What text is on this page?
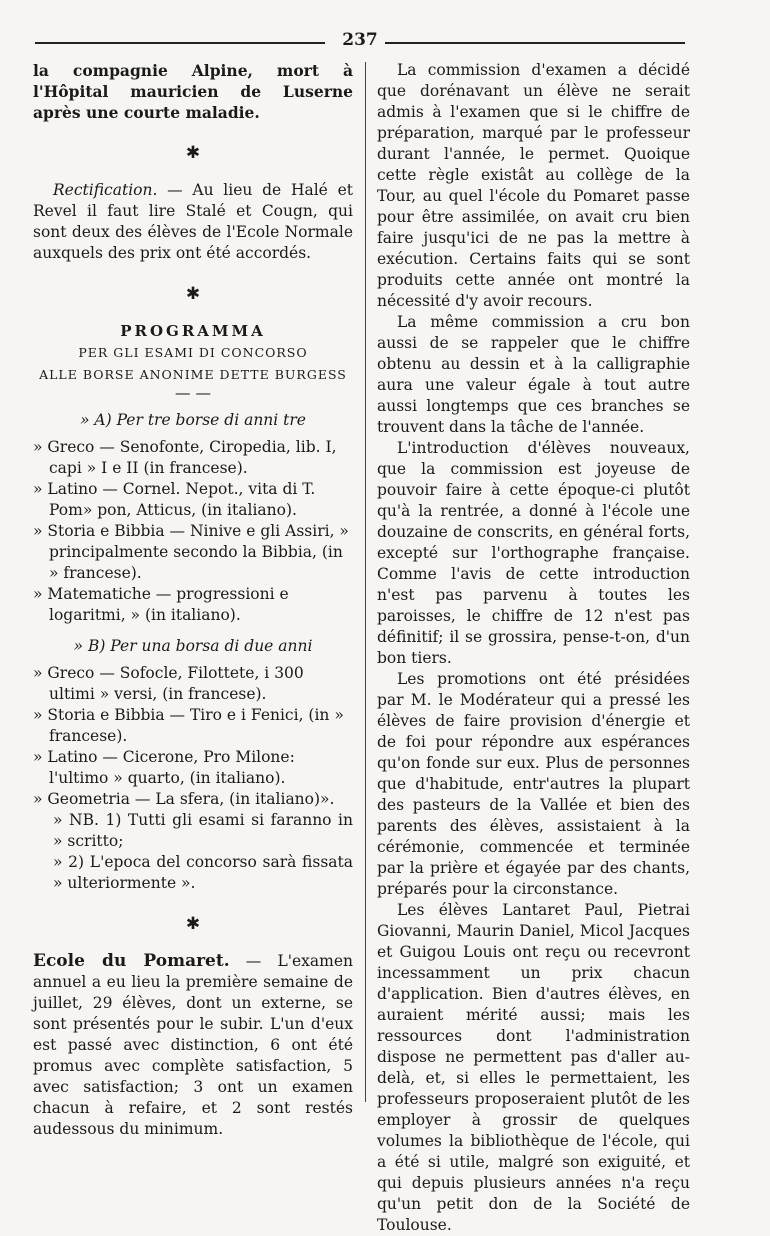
237

la compagnie Alpine, mort à l'Hôpital mauricien de Luserne après une courte maladie.

✱

Rectification. — Au lieu de Halé et Revel il faut lire Stalé et Cougn, qui sont deux des élèves de l'Ecole Normale auxquels des prix ont été accordés.

✱
PROGRAMMA
PER GLI ESAMI DI CONCORSO
ALLE BORSE ANONIME DETTE BURGESS
— —
» A) Per tre borse di anni tre

» Greco — Senofonte, Ciropedia, lib. I, capi » I e II (in francese).

» Latino — Cornel. Nepot., vita di T. Pom» pon, Atticus, (in italiano).

» Storia e Bibbia — Ninive e gli Assiri, » principalmente secondo la Bibbia, (in » francese).

» Matematiche — progressioni e logaritmi, » (in italiano).

» B) Per una borsa di due anni

» Greco — Sofocle, Filottete, i 300 ultimi » versi, (in francese).

» Storia e Bibbia — Tiro e i Fenici, (in » francese).

» Latino — Cicerone, Pro Milone: l'ultimo » quarto, (in italiano).

» Geometria — La sfera, (in italiano)».

» NB. 1) Tutti gli esami si faranno in » scritto;

» 2) L'epoca del concorso sarà fissata » ulteriormente ».

✱

Ecole du Pomaret. — L'examen annuel a eu lieu la première semaine de juillet, 29 élèves, dont un externe, se sont présentés pour le subir. L'un d'eux est passé avec distinction, 6 ont été promus avec complète satisfaction, 5 avec satisfaction; 3 ont un examen chacun à refaire, et 2 sont restés audessous du minimum.

La commission d'examen a décidé que dorénavant un élève ne serait admis à l'examen que si le chiffre de préparation, marqué par le professeur durant l'année, le permet. Quoique cette règle existât au collège de la Tour, au quel l'école du Pomaret passe pour être assimilée, on avait cru bien faire jusqu'ici de ne pas la mettre à exécution. Certains faits qui se sont produits cette année ont montré la nécessité d'y avoir recours.

La même commission a cru bon aussi de se rappeler que le chiffre obtenu au dessin et à la calligraphie aura une valeur égale à tout autre aussi longtemps que ces branches se trouvent dans la tâche de l'année.

L'introduction d'élèves nouveaux, que la commission est joyeuse de pouvoir faire à cette époque-ci plutôt qu'à la rentrée, a donné à l'école une douzaine de conscrits, en général forts, excepté sur l'orthographe française. Comme l'avis de cette introduction n'est pas parvenu à toutes les paroisses, le chiffre de 12 n'est pas définitif; il se grossira, pense-t-on, d'un bon tiers.

Les promotions ont été présidées par M. le Modérateur qui a pressé les élèves de faire provision d'énergie et de foi pour répondre aux espérances qu'on fonde sur eux. Plus de personnes que d'habitude, entr'autres la plupart des pasteurs de la Vallée et bien des parents des élèves, assistaient à la cérémonie, commencée et terminée par la prière et égayée par des chants, préparés pour la circonstance.

Les élèves Lantaret Paul, Pietrai Giovanni, Maurin Daniel, Micol Jacques et Guigou Louis ont reçu ou recevront incessamment un prix chacun d'application. Bien d'autres élèves, en auraient mérité aussi; mais les ressources dont l'administration dispose ne permettent pas d'aller au-delà, et, si elles le permettaient, les professeurs proposeraient plutôt de les employer à grossir de quelques volumes la bibliothèque de l'école, qui a été si utile, malgré son exiguité, et qui depuis plusieurs années n'a reçu qu'un petit don de la Société de Toulouse.
